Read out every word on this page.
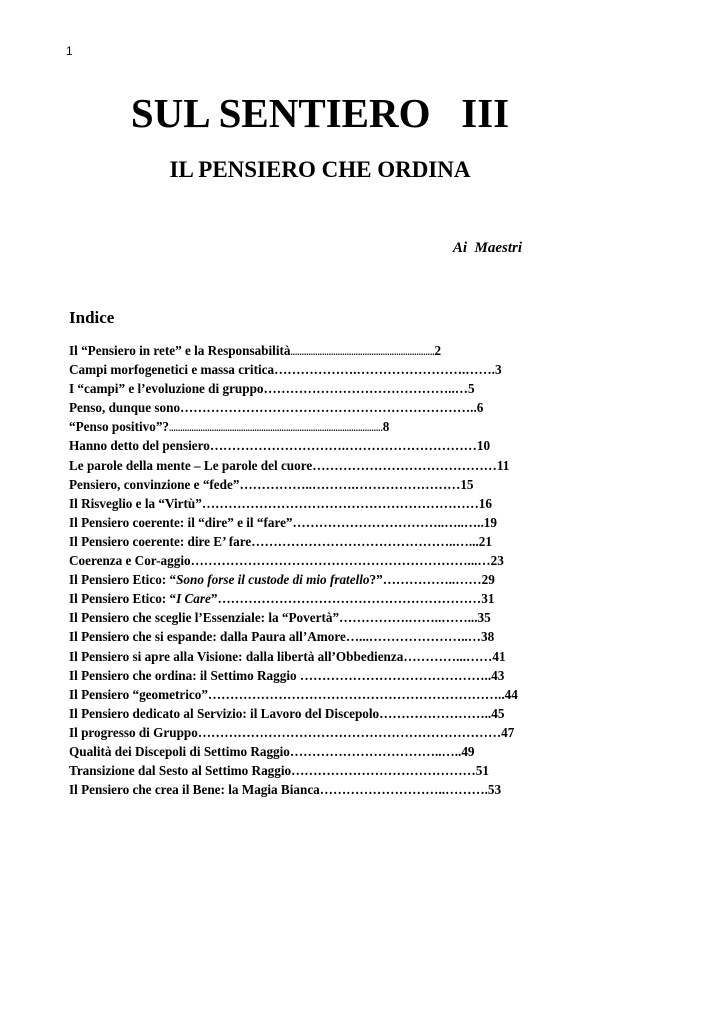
1
SUL SENTIERO   III
IL PENSIERO CHE ORDINA
Ai  Maestri
Indice
Il “Pensiero in rete” e la Responsabilità................................................................2
Campi morfogenetici e massa critica……………….…………………….…….3
I “campi” e l’evoluzione di gruppo……………………………………..…5
Penso, dunque sono…………………………………………………………..6
“Penso positivo”?...............................................................................................8
Hanno detto del pensiero………………………….…………………………10
Le parole della mente – Le parole del cuore……………………………………11
Pensiero, convinzione e “fede”……………..……….……………………15
Il Risveglio e la “Virtù”………………………………………………………16
Il Pensiero coerente: il “dire” e il “fare”……………………………..…..…..19
Il Pensiero coerente: dire E’ fare………………………………………..…...21
Coerenza e Cor-aggio………………………………………………………...…23
Il Pensiero Etico: “Sono forse il custode di mio fratello?”……………..……29
Il Pensiero Etico: “I Care”……………………………………………………31
Il Pensiero che sceglie l’Essenziale: la “Povertà”…………….……..……...35
Il Pensiero che si espande: dalla Paura all’Amore…...…………………..…38
Il Pensiero si apre alla Visione: dalla libertà all’Obbedienza…………...……41
Il Pensiero che ordina: il Settimo Raggio ……………………………………..43
Il Pensiero “geometrico”…………………………………………………………..44
Il Pensiero dedicato al Servizio: il Lavoro del Discepolo……………………..45
Il progresso di Gruppo……………………………………………………………47
Qualità dei Discepoli di Settimo Raggio……………………………..…..49
Transizione dal Sesto al Settimo Raggio……………………………………51
Il Pensiero che crea il Bene: la Magia Bianca………………………..……….53
